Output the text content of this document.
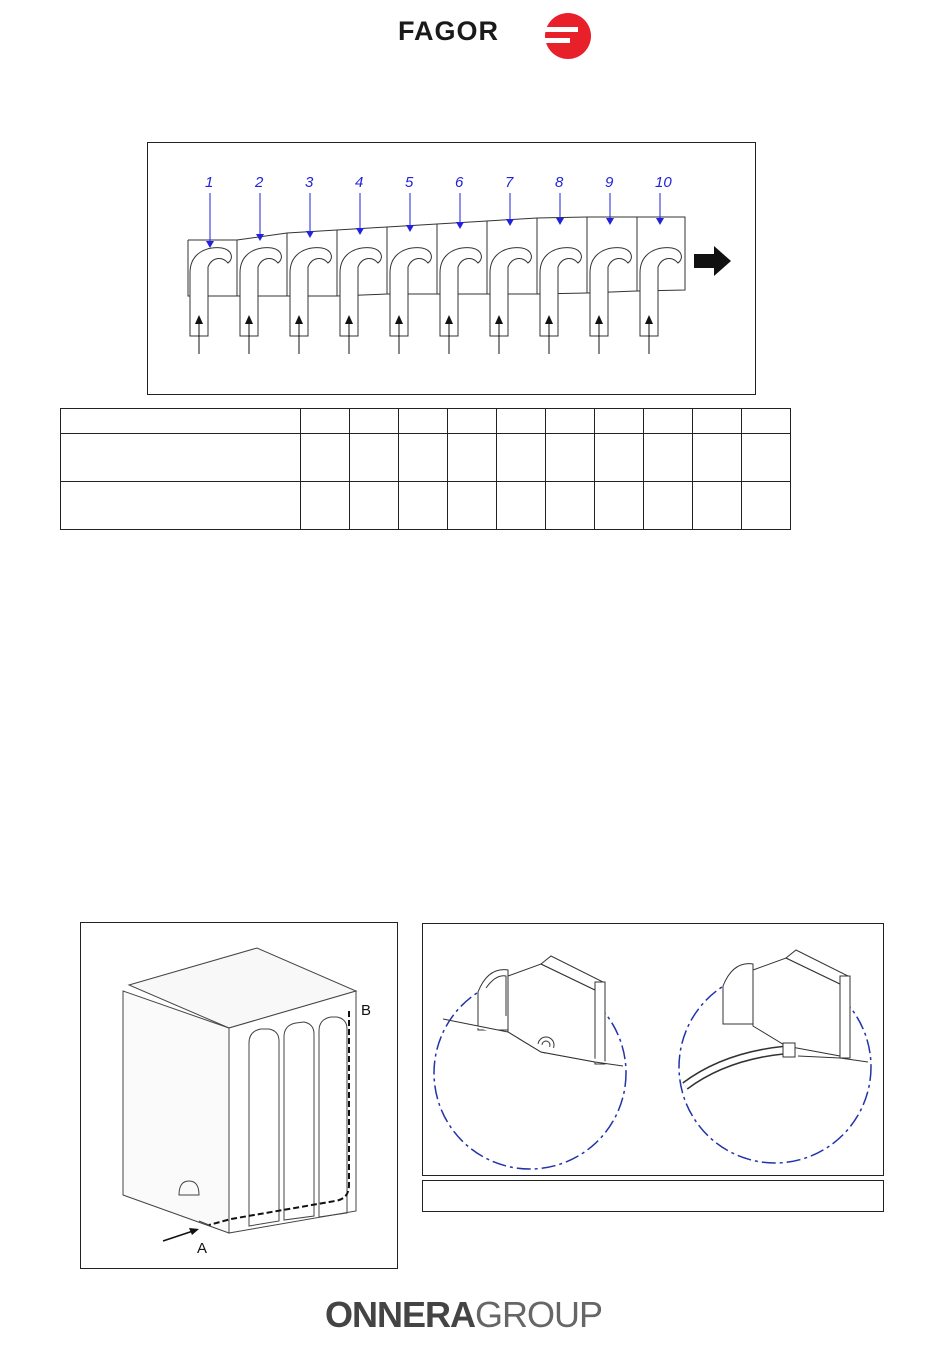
FAGOR
1	2	3	4	5	6	7	8	9	10

A
B
ONNERAGROUP
